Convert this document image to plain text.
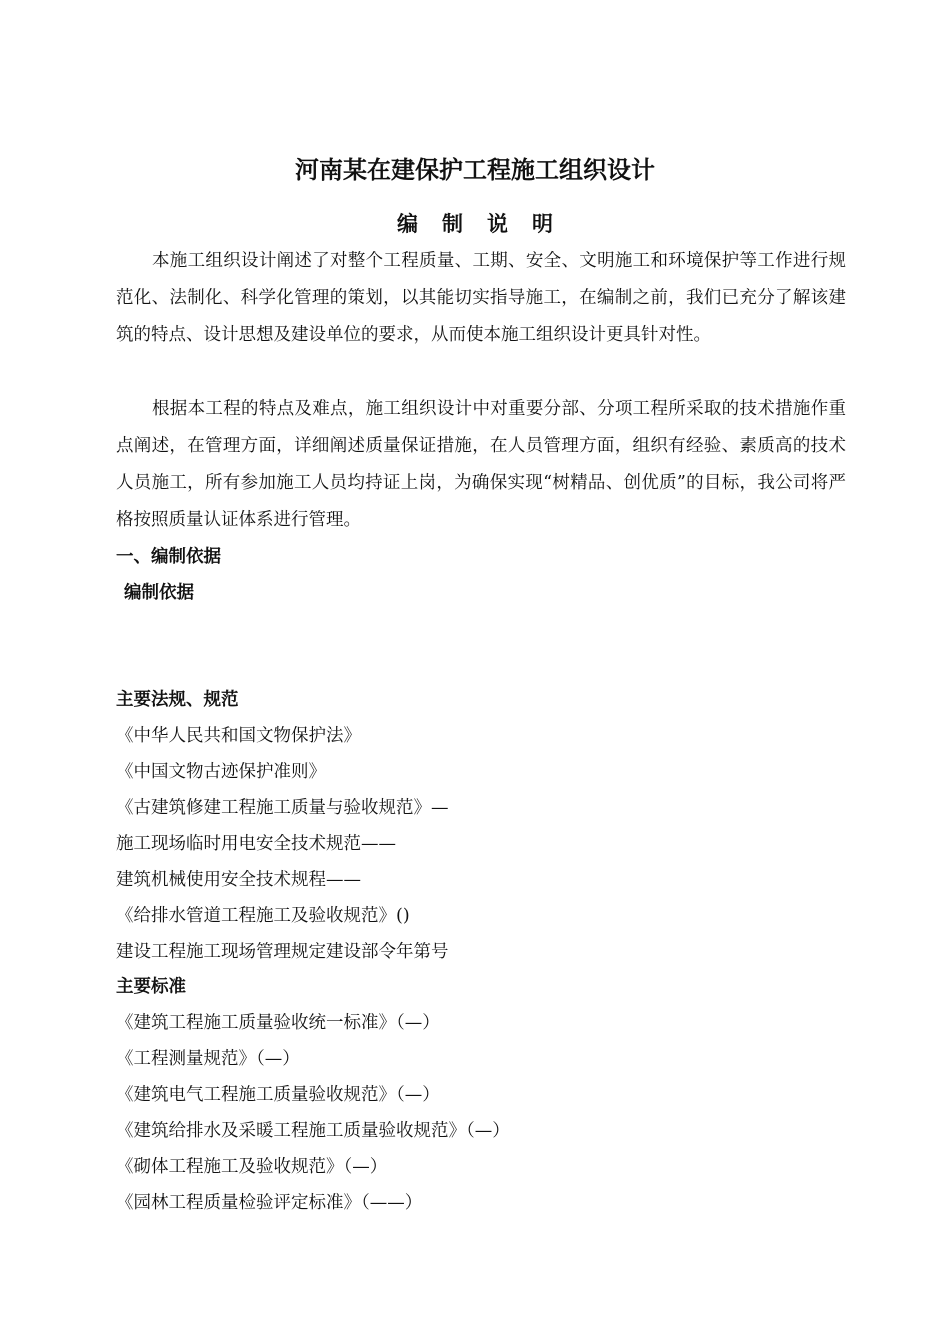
河南某在建保护工程施工组织设计
编 制 说 明

本施工组织设计阐述了对整个工程质量、工期、安全、文明施工和环境保护等工作进行规范化、法制化、科学化管理的策划，以其能切实指导施工，在编制之前，我们已充分了解该建筑的特点、设计思想及建设单位的要求，从而使本施工组织设计更具针对性。

根据本工程的特点及难点，施工组织设计中对重要分部、分项工程所采取的技术措施作重点阐述，在管理方面，详细阐述质量保证措施，在人员管理方面，组织有经验、素质高的技术人员施工，所有参加施工人员均持证上岗，为确保实现“树精品、创优质”的目标，我公司将严格按照质量认证体系进行管理。

一、编制依据
编制依据
主要法规、规范
《中华人民共和国文物保护法》
《中国文物古迹保护准则》
《古建筑修建工程施工质量与验收规范》—
施工现场临时用电安全技术规范——
建筑机械使用安全技术规程——
《给排水管道工程施工及验收规范》()
建设工程施工现场管理规定建设部令年第号
主要标准
《建筑工程施工质量验收统一标准》（—）
《工程测量规范》（—）
《建筑电气工程施工质量验收规范》（—）
《建筑给排水及采暖工程施工质量验收规范》（—）
《砌体工程施工及验收规范》（—）
《园林工程质量检验评定标准》（——）
